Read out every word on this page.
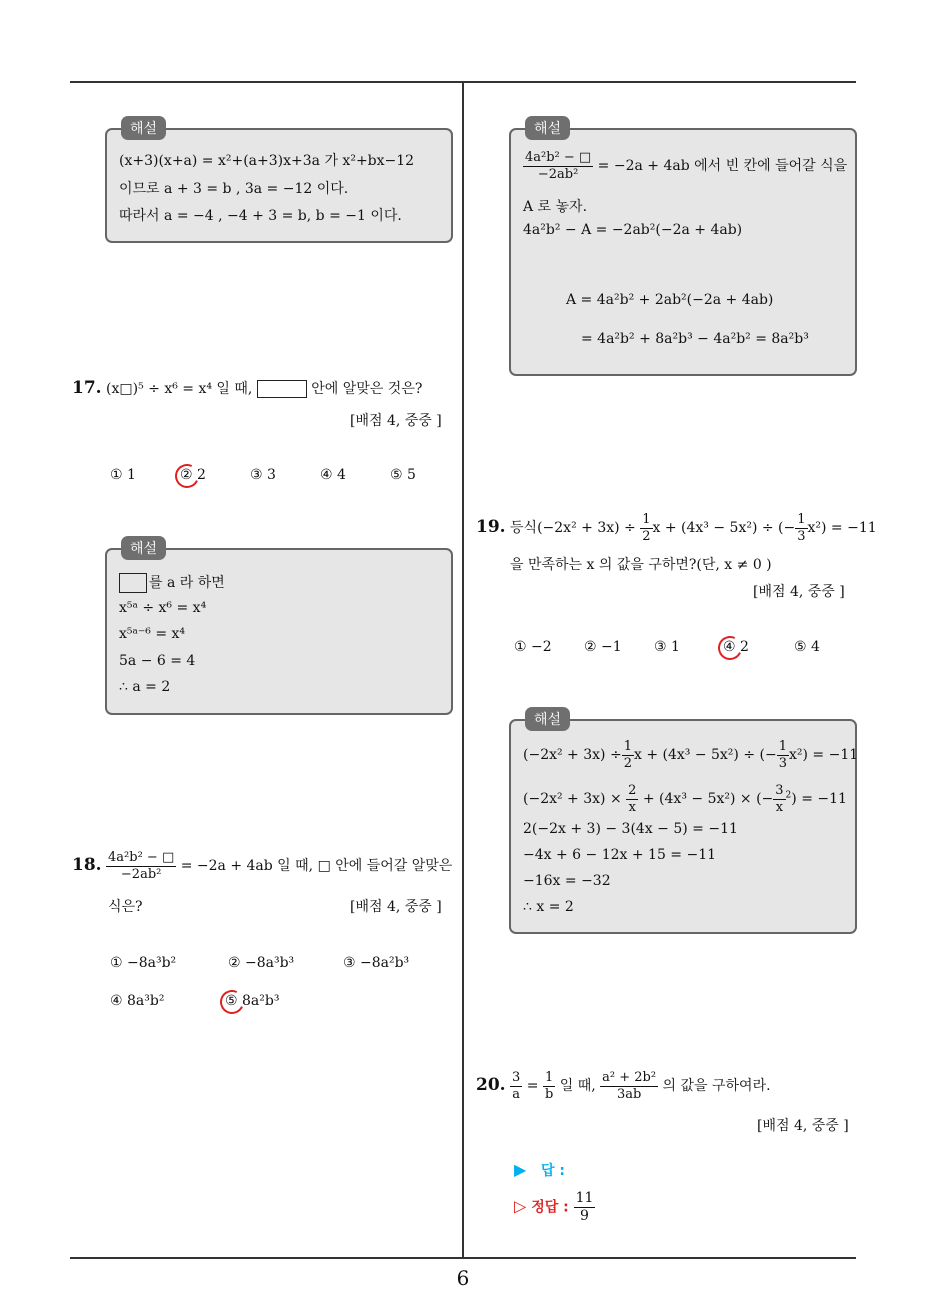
6
해설
(x+3)(x+a) = x²+(a+3)x+3a 가 x²+bx−12
이므로 a + 3 = b , 3a = −12 이다.
따라서 a = −4 , −4 + 3 = b, b = −1 이다.
17. (x□)⁵ ÷ x⁶ = x⁴ 일 때,	안에 알맞은 것은?
[배점 4, 중중 ]
① 1	② 2	③ 3	④ 4	⑤ 5
해설
를 a 라 하면
x⁵ᵃ ÷ x⁶ = x⁴
x⁵ᵃ⁻⁶ = x⁴
5a − 6 = 4
∴ a = 2
18. $\frac{\text{4a²b² − □}}{\text{−2ab²}} = -2a + 4ab$ 일 때, □ 안에 들어갈 알맞은
식은?	[배점 4, 중중 ]
① −8a³b²	② −8a³b³	③ −8a²b³
④ 8a³b²	⑤ 8a²b³
해설
$\frac{\text{4a²b² − □}}{\text{−2ab²}} = -2a + 4ab$ 에서 빈 칸에 들어갈 식을
A 로 놓자.
4a²b² − A = −2ab²(−2a + 4ab)
A = 4a²b² + 2ab²(−2a + 4ab)
= 4a²b² + 8a²b³ − 4a²b² = 8a²b³
19. 등식$(-2x^2 + 3x) \div \frac{1}{2}$ x + (4x³ − 5x²) ÷ (− $\frac{1}{3} x^2) = -11$
을 만족하는 x 의 값을 구하면?(단, x ≠ 0 )
[배점 4, 중중 ]
① −2 ② −1 ③ 1	④ 2	⑤ 4
해설
$(-2x^2 + 3x) \div \frac{1}{2}$ x + (4x³ − 5x²) ÷ (− $\frac{1}{3} x^2) = -11$
$(-2x^2 + 3x) \times \frac{2}{x} + (4x^3 - 5x^2)$ × (− $\frac{3}{x} ^2) = -11$
2(−2x + 3) − 3(4x − 5) = −11
−4x + 6 − 12x + 15 = −11
−16x = −32
∴ x = 2
20. $\frac{3}{a} = \frac{1}{b}$ 일 때, $\frac{\text{a² + 2b²}}{3ab}$ 의 값을 구하여라.
[배점 4, 중중 ]
▶ 답 :
▷ 정답 : $\frac{11}{9}$
